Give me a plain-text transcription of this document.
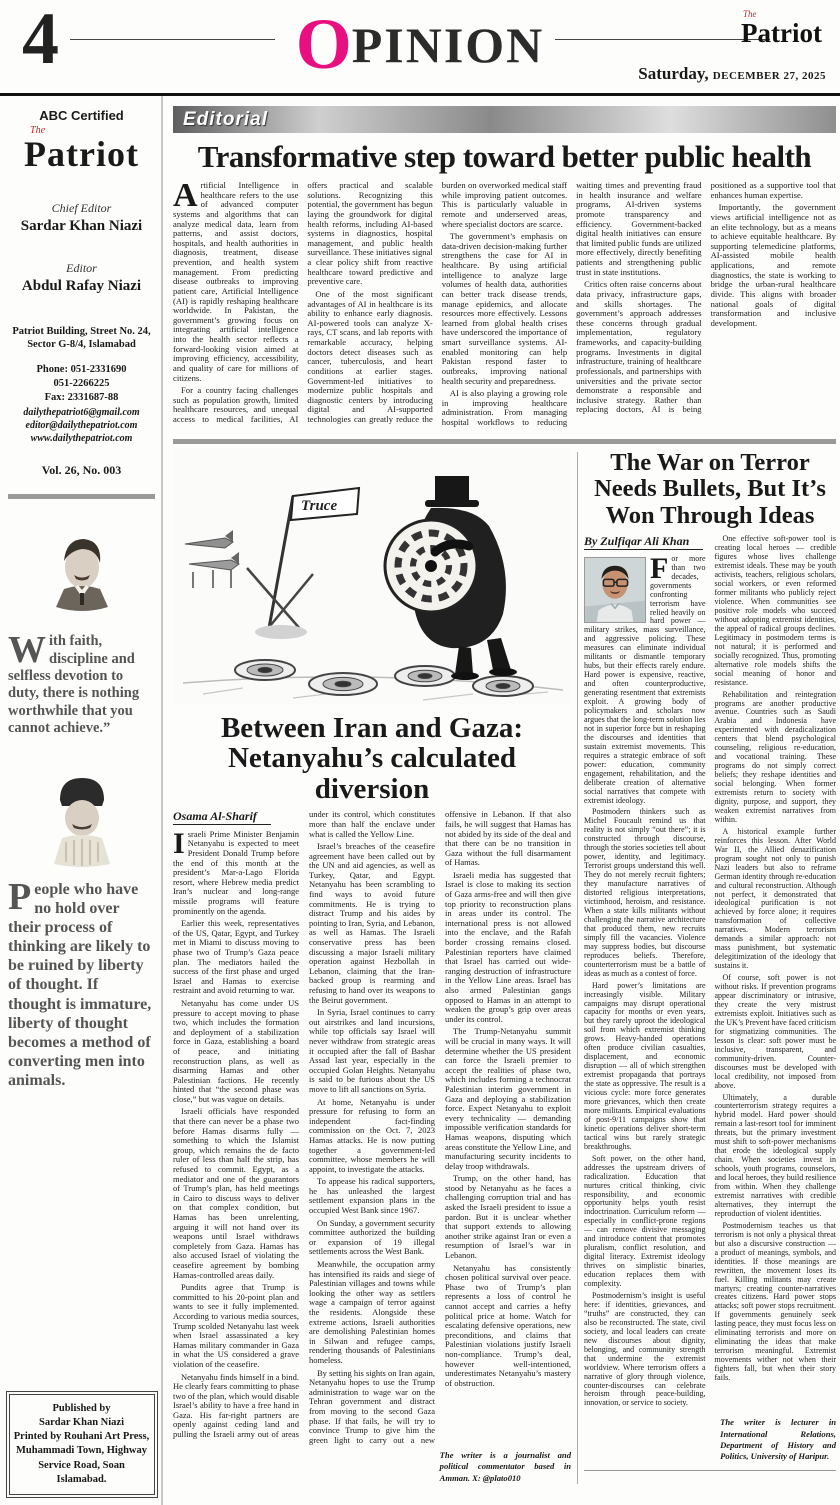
4	OPINION
The
Patriot
Saturday, DECEMBER 27, 2025
ABC Certified
The
Patriot
Chief Editor
Sardar Khan Niazi
Editor
Abdul Rafay Niazi
Patriot Building, Street No. 24, Sector G-8/4, Islamabad
Phone: 051-2331690
051-2266225
Fax: 2331687-88

dailythepatriot6@gmail.com

editor@dailythepatriot.com

www.dailythepatriot.com

Vol. 26, No. 003
With faith, discipline and selfless devotion to duty, there is nothing worthwhile that you cannot achieve.”
People who have no hold over their process of thinking are likely to be ruined by liberty of thought. If thought is immature, liberty of thought becomes a method of converting men into animals.

Published by

Sardar Khan Niazi

Printed by Rouhani Art Press,

Muhammadi Town, Highway

Service Road, Soan Islamabad.

Editorial
Transformative step toward better public health

Artificial Intelligence in healthcare refers to the use of advanced computer systems and algorithms that can analyze medical data, learn from patterns, and assist doctors, hospitals, and health authorities in diagnosis, treatment, disease prevention, and health system management. From predicting disease outbreaks to improving patient care, Artificial Intelligence (AI) is rapidly reshaping healthcare worldwide. In Pakistan, the government’s growing focus on integrating artificial intelligence into the health sector reflects a forward-looking vision aimed at improving efficiency, accessibility, and quality of care for millions of citizens.

For a country facing challenges such as population growth, limited healthcare resources, and unequal access to medical facilities, AI offers practical and scalable solutions. Recognizing this potential, the government has begun laying the groundwork for digital health reforms, including AI-based systems in diagnostics, hospital management, and public health surveillance. These initiatives signal a clear policy shift from reactive healthcare toward predictive and preventive care.

One of the most significant advantages of AI in healthcare is its ability to enhance early diagnosis. AI-powered tools can analyze X-rays, CT scans, and lab reports with remarkable accuracy, helping doctors detect diseases such as cancer, tuberculosis, and heart conditions at earlier stages. Government-led initiatives to modernize public hospitals and diagnostic centers by introducing digital and AI-supported technologies can greatly reduce the burden on overworked medical staff while improving patient outcomes. This is particularly valuable in remote and underserved areas, where specialist doctors are scarce.

The government’s emphasis on data-driven decision-making further strengthens the case for AI in healthcare. By using artificial intelligence to analyze large volumes of health data, authorities can better track disease trends, manage epidemics, and allocate resources more effectively. Lessons learned from global health crises have underscored the importance of smart surveillance systems. AI-enabled monitoring can help Pakistan respond faster to outbreaks, improving national health security and preparedness.

AI is also playing a growing role in improving healthcare administration. From managing hospital workflows to reducing waiting times and preventing fraud in health insurance and welfare programs, AI-driven systems promote transparency and efficiency. Government-backed digital health initiatives can ensure that limited public funds are utilized more effectively, directly benefiting patients and strengthening public trust in state institutions.

Critics often raise concerns about data privacy, infrastructure gaps, and skills shortages. The government’s approach addresses these concerns through gradual implementation, regulatory frameworks, and capacity-building programs. Investments in digital infrastructure, training of healthcare professionals, and partnerships with universities and the private sector demonstrate a responsible and inclusive strategy. Rather than replacing doctors, AI is being positioned as a supportive tool that enhances human expertise.

Importantly, the government views artificial intelligence not as an elite technology, but as a means to achieve equitable healthcare. By supporting telemedicine platforms, AI-assisted mobile health applications, and remote diagnostics, the state is working to bridge the urban-rural healthcare divide. This aligns with broader national goals of digital transformation and inclusive development.

Truce
Between Iran and Gaza:
Netanyahu’s calculated diversion
Osama Al-Sharif

Israeli Prime Minister Benjamin Netanyahu is expected to meet President Donald Trump before the end of this month at the president’s Mar-a-Lago Florida resort, where Hebrew media predict Iran’s nuclear and long-range missile programs will feature prominently on the agenda.

Earlier this week, representatives of the US, Qatar, Egypt, and Turkey met in Miami to discuss moving to phase two of Trump’s Gaza peace plan. The mediators hailed the success of the first phase and urged Israel and Hamas to exercise restraint and avoid returning to war.

Netanyahu has come under US pressure to accept moving to phase two, which includes the formation and deployment of a stabilization force in Gaza, establishing a board of peace, and initiating reconstruction plans, as well as disarming Hamas and other Palestinian factions. He recently hinted that “the second phase was close,” but was vague on details.

Israeli officials have responded that there can never be a phase two before Hamas disarms fully — something to which the Islamist group, which remains the de facto ruler of less than half the strip, has refused to commit. Egypt, as a mediator and one of the guarantors of Trump’s plan, has held meetings in Cairo to discuss ways to deliver on that complex condition, but Hamas has been unrelenting, arguing it will not hand over its weapons until Israel withdraws completely from Gaza. Hamas has also accused Israel of violating the ceasefire agreement by bombing Hamas-controlled areas daily.

Pundits agree that Trump is committed to his 20-point plan and wants to see it fully implemented. According to various media sources, Trump scolded Netanyahu last week when Israel assassinated a key Hamas military commander in Gaza in what the US considered a grave violation of the ceasefire.

Netanyahu finds himself in a bind. He clearly fears committing to phase two of the plan, which would disable Israel’s ability to have a free hand in Gaza. His far-right partners are openly against ceding land and pulling the Israeli army out of areas under its control, which constitutes more than half the enclave under what is called the Yellow Line.

Israel’s breaches of the ceasefire agreement have been called out by the UN and aid agencies, as well as Turkey, Qatar, and Egypt. Netanyahu has been scrambling to find ways to avoid future commitments. He is trying to distract Trump and his aides by pointing to Iran, Syria, and Lebanon, as well as Hamas. The Israeli conservative press has been discussing a major Israeli military operation against Hezbollah in Lebanon, claiming that the Iran-backed group is rearming and refusing to hand over its weapons to the Beirut government.

In Syria, Israel continues to carry out airstrikes and land incursions, while top officials say Israel will never withdraw from strategic areas it occupied after the fall of Bashar Assad last year, especially in the occupied Golan Heights. Netanyahu is said to be furious about the US move to lift all sanctions on Syria.

At home, Netanyahu is under pressure for refusing to form an independent fact-finding commission on the Oct. 7, 2023 Hamas attacks. He is now putting together a government-led committee, whose members he will appoint, to investigate the attacks.

To appease his radical supporters, he has unleashed the largest settlement expansion plans in the occupied West Bank since 1967.

On Sunday, a government security committee authorized the building or expansion of 19 illegal settlements across the West Bank.

Meanwhile, the occupation army has intensified its raids and siege of Palestinian villages and towns while looking the other way as settlers wage a campaign of terror against the residents. Alongside these extreme actions, Israeli authorities are demolishing Palestinian homes in Silwan and refugee camps, rendering thousands of Palestinians homeless.

By setting his sights on Iran again, Netanyahu hopes to use the Trump administration to wage war on the Tehran government and distract from moving to the second Gaza phase. If that fails, he will try to convince Trump to give him the green light to carry out a new offensive in Lebanon. If that also fails, he will suggest that Hamas has not abided by its side of the deal and that there can be no transition in Gaza without the full disarmament of Hamas.

Israeli media has suggested that Israel is close to making its section of Gaza arms-free and will then give top priority to reconstruction plans in areas under its control. The international press is not allowed into the enclave, and the Rafah border crossing remains closed. Palestinian reporters have claimed that Israel has carried out wide-ranging destruction of infrastructure in the Yellow Line areas. Israel has also armed Palestinian gangs opposed to Hamas in an attempt to weaken the group’s grip over areas under its control.

The Trump-Netanyahu summit will be crucial in many ways. It will determine whether the US president can force the Israeli premier to accept the realities of phase two, which includes forming a technocrat Palestinian interim government in Gaza and deploying a stabilization force. Expect Netanyahu to exploit every technicality — demanding impossible verification standards for Hamas weapons, disputing which areas constitute the Yellow Line, and manufacturing security incidents to delay troop withdrawals.

Trump, on the other hand, has stood by Netanyahu as he faces a challenging corruption trial and has asked the Israeli president to issue a pardon. But it is unclear whether that support extends to allowing another strike against Iran or even a resumption of Israel’s war in Lebanon.

Netanyahu has consistently chosen political survival over peace. Phase two of Trump’s plan represents a loss of control he cannot accept and carries a hefty political price at home. Watch for escalating defensive operations, new preconditions, and claims that Palestinian violations justify Israeli non-compliance. Trump’s deal, however well-intentioned, underestimates Netanyahu’s mastery of obstruction.

The writer is a journalist and political commentator based in Amman. X: @plato010
The War on Terror Needs Bullets, But It’s Won Through Ideas
By Zulfiqar Ali Khan

For more than two decades, governments confronting terrorism have relied heavily on hard power — military strikes, mass surveillance, and aggressive policing. These measures can eliminate individual militants or dismantle temporary hubs, but their effects rarely endure. Hard power is expensive, reactive, and often counterproductive, generating resentment that extremists exploit. A growing body of policymakers and scholars now argues that the long-term solution lies not in superior force but in reshaping the discourses and identities that sustain extremist movements. This requires a strategic embrace of soft power: education, community engagement, rehabilitation, and the deliberate creation of alternative social narratives that compete with extremist ideology.

Postmodern thinkers such as Michel Foucault remind us that reality is not simply “out there”; it is constructed through discourse, through the stories societies tell about power, identity, and legitimacy. Terrorist groups understand this well. They do not merely recruit fighters; they manufacture narratives of distorted religious interpretations, victimhood, heroism, and resistance. When a state kills militants without challenging the narrative architecture that produced them, new recruits simply fill the vacancies. Violence may suppress bodies, but discourse reproduces beliefs. Therefore, counterterrorism must be a battle of ideas as much as a contest of force.

Hard power’s limitations are increasingly visible. Military campaigns may disrupt operational capacity for months or even years, but they rarely uproot the ideological soil from which extremist thinking grows. Heavy-handed operations often produce civilian casualties, displacement, and economic disruption — all of which strengthen extremist propaganda that portrays the state as oppressive. The result is a vicious cycle: more force generates more grievances, which then create more militants. Empirical evaluations of post-9/11 campaigns show that kinetic operations deliver short-term tactical wins but rarely strategic breakthroughs.

Soft power, on the other hand, addresses the upstream drivers of radicalization. Education that nurtures critical thinking, civic responsibility, and economic opportunity helps youth resist indoctrination. Curriculum reform — especially in conflict-prone regions — can remove divisive messaging and introduce content that promotes pluralism, conflict resolution, and digital literacy. Extremist ideology thrives on simplistic binaries, education replaces them with complexity.

Postmodernism’s insight is useful here: if identities, grievances, and “truths” are constructed, they can also be reconstructed. The state, civil society, and local leaders can create new discourses about dignity, belonging, and community strength that undermine the extremist worldview. Where terrorism offers a narrative of glory through violence, counter-discourses can celebrate heroism through peace-building, innovation, or service to society.

One effective soft-power tool is creating local heroes — credible figures whose lives challenge extremist ideals. These may be youth activists, teachers, religious scholars, social workers, or even reformed former militants who publicly reject violence. When communities see positive role models who succeed without adopting extremist identities, the appeal of radical groups declines. Legitimacy in postmodern terms is not natural; it is performed and socially recognized. Thus, promoting alternative role models shifts the social meaning of honor and resistance.

Rehabilitation and reintegration programs are another productive avenue. Countries such as Saudi Arabia and Indonesia have experimented with deradicalization centers that blend psychological counseling, religious re-education, and vocational training. These programs do not simply correct beliefs; they reshape identities and social belonging. When former extremists return to society with dignity, purpose, and support, they weaken extremist narratives from within.

A historical example further reinforces this lesson. After World War II, the Allied denazification program sought not only to punish Nazi leaders but also to reframe German identity through re-education and cultural reconstruction. Although not perfect, it demonstrated that ideological purification is not achieved by force alone; it requires transformation of collective narratives. Modern terrorism demands a similar approach: not mass punishment, but systematic delegitimization of the ideology that sustains it.

Of course, soft power is not without risks. If prevention programs appear discriminatory or intrusive, they create the very mistrust extremists exploit. Initiatives such as the UK’s Prevent have faced criticism for stigmatizing communities. The lesson is clear: soft power must be inclusive, transparent, and community-driven. Counter-discourses must be developed with local credibility, not imposed from above.

Ultimately, a durable counterterrorism strategy requires a hybrid model. Hard power should remain a last-resort tool for imminent threats, but the primary investment must shift to soft-power mechanisms that erode the ideological supply chain. When societies invest in schools, youth programs, counselors, and local heroes, they build resilience from within. When they challenge extremist narratives with credible alternatives, they interrupt the reproduction of violent identities.

Postmodernism teaches us that terrorism is not only a physical threat but also a discursive construction — a product of meanings, symbols, and identities. If those meanings are rewritten, the movement loses its fuel. Killing militants may create martyrs; creating counter-narratives creates citizens. Hard power stops attacks; soft power stops recruitment. If governments genuinely seek lasting peace, they must focus less on eliminating terrorists and more on eliminating the ideas that make terrorism meaningful. Extremist movements wither not when their fighters fall, but when their story fails.

The writer is lecturer in International Relations, Department of History and Politics, University of Haripur.
